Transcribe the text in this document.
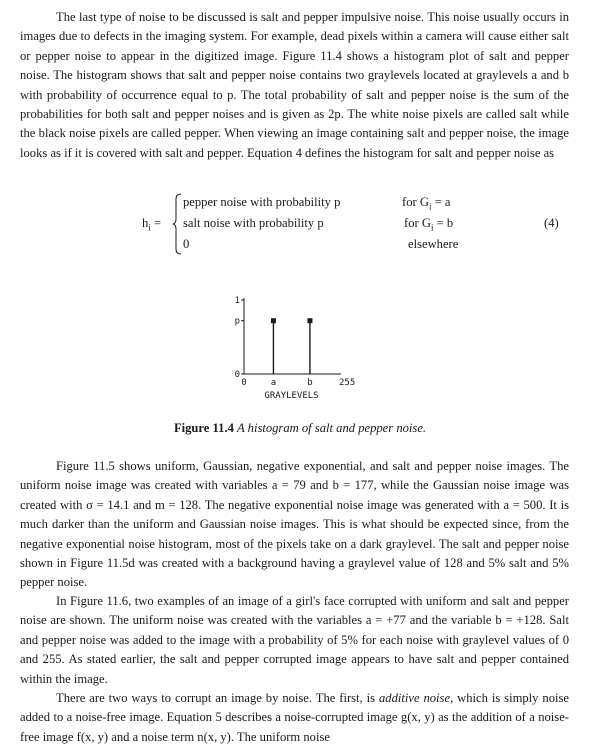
The last type of noise to be discussed is salt and pepper impulsive noise. This noise usually occurs in images due to defects in the imaging system. For example, dead pixels within a camera will cause either salt or pepper noise to appear in the digitized image. Figure 11.4 shows a histogram plot of salt and pepper noise. The histogram shows that salt and pepper noise contains two graylevels located at graylevels a and b with probability of occurrence equal to p. The total probability of salt and pepper noise is the sum of the probabilities for both salt and pepper noises and is given as 2p. The white noise pixels are called salt while the black noise pixels are called pepper. When viewing an image containing salt and pepper noise, the image looks as if it is covered with salt and pepper. Equation 4 defines the histogram for salt and pepper noise as

$h_i$ =
pepper noise with probability p
salt noise with probability p
0
for $G_i = a$
for $G_i = b$
elsewhere
(4)
0
p
1
0	a	b	255
GRAYLEVELS
Figure 11.4 A histogram of salt and pepper noise.

Figure 11.5 shows uniform, Gaussian, negative exponential, and salt and pepper noise images. The uniform noise image was created with variables a = 79 and b = 177, while the Gaussian noise image was created with σ = 14.1 and m = 128. The negative exponential noise image was generated with a = 500. It is much darker than the uniform and Gaussian noise images. This is what should be expected since, from the negative exponential noise histogram, most of the pixels take on a dark graylevel. The salt and pepper noise shown in Figure 11.5d was created with a background having a graylevel value of 128 and 5% salt and 5% pepper noise.

In Figure 11.6, two examples of an image of a girl's face corrupted with uniform and salt and pepper noise are shown. The uniform noise was created with the variables a = +77 and the variable b = +128. Salt and pepper noise was added to the image with a probability of 5% for each noise with graylevel values of 0 and 255. As stated earlier, the salt and pepper corrupted image appears to have salt and pepper contained within the image.

There are two ways to corrupt an image by noise. The first, is additive noise, which is simply noise added to a noise-free image. Equation 5 describes a noise-corrupted image g(x, y) as the addition of a noise-free image f(x, y) and a noise term n(x, y). The uniform noise
